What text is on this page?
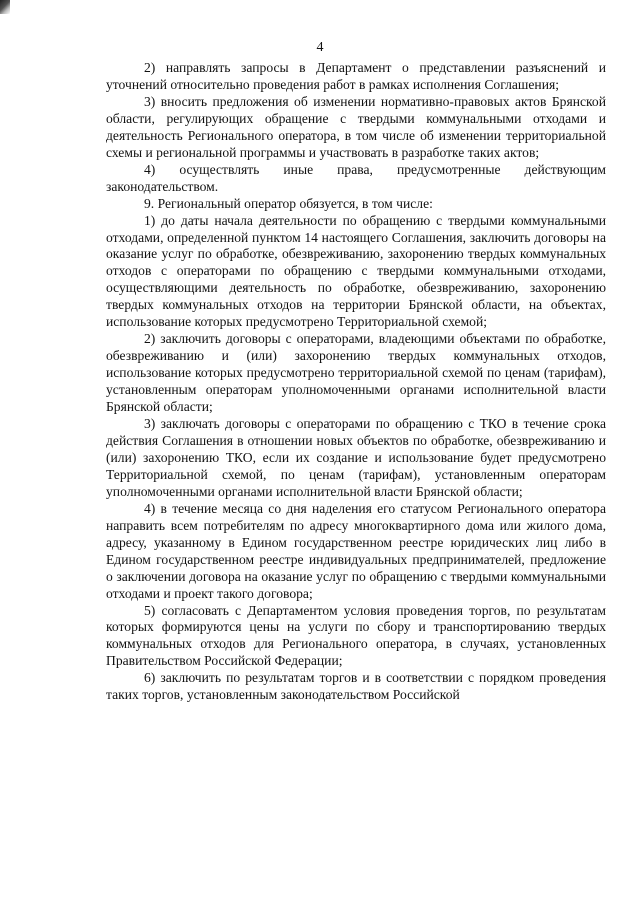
4

2) направлять запросы в Департамент о представлении разъяснений и уточнений относительно проведения работ в рамках исполнения Соглашения;

3) вносить предложения об изменении нормативно-правовых актов Брянской области, регулирующих обращение с твердыми коммунальными отходами и деятельность Регионального оператора, в том числе об изменении территориальной схемы и региональной программы и участвовать в разработке таких актов;

4) осуществлять иные права, предусмотренные действующим законодательством.

9. Региональный оператор обязуется, в том числе:

1) до даты начала деятельности по обращению с твердыми коммунальными отходами, определенной пунктом 14 настоящего Соглашения, заключить договоры на оказание услуг по обработке, обезвреживанию, захоронению твердых коммунальных отходов с операторами по обращению с твердыми коммунальными отходами, осуществляющими деятельность по обработке, обезвреживанию, захоронению твердых коммунальных отходов на территории Брянской области, на объектах, использование которых предусмотрено Территориальной схемой;

2) заключить договоры с операторами, владеющими объектами по обработке, обезвреживанию и (или) захоронению твердых коммунальных отходов, использование которых предусмотрено территориальной схемой по ценам (тарифам), установленным операторам уполномоченными органами исполнительной власти Брянской области;

3) заключать договоры с операторами по обращению с ТКО в течение срока действия Соглашения в отношении новых объектов по обработке, обезвреживанию и (или) захоронению ТКО, если их создание и использование будет предусмотрено Территориальной схемой, по ценам (тарифам), установленным операторам уполномоченными органами исполнительной власти Брянской области;

4) в течение месяца со дня наделения его статусом Регионального оператора направить всем потребителям по адресу многоквартирного дома или жилого дома, адресу, указанному в Едином государственном реестре юридических лиц либо в Едином государственном реестре индивидуальных предпринимателей, предложение о заключении договора на оказание услуг по обращению с твердыми коммунальными отходами и проект такого договора;

5) согласовать с Департаментом условия проведения торгов, по результатам которых формируются цены на услуги по сбору и транспортированию твердых коммунальных отходов для Регионального оператора, в случаях, установленных Правительством Российской Федерации;

6) заключить по результатам торгов и в соответствии с порядком проведения таких торгов, установленным законодательством Российской
